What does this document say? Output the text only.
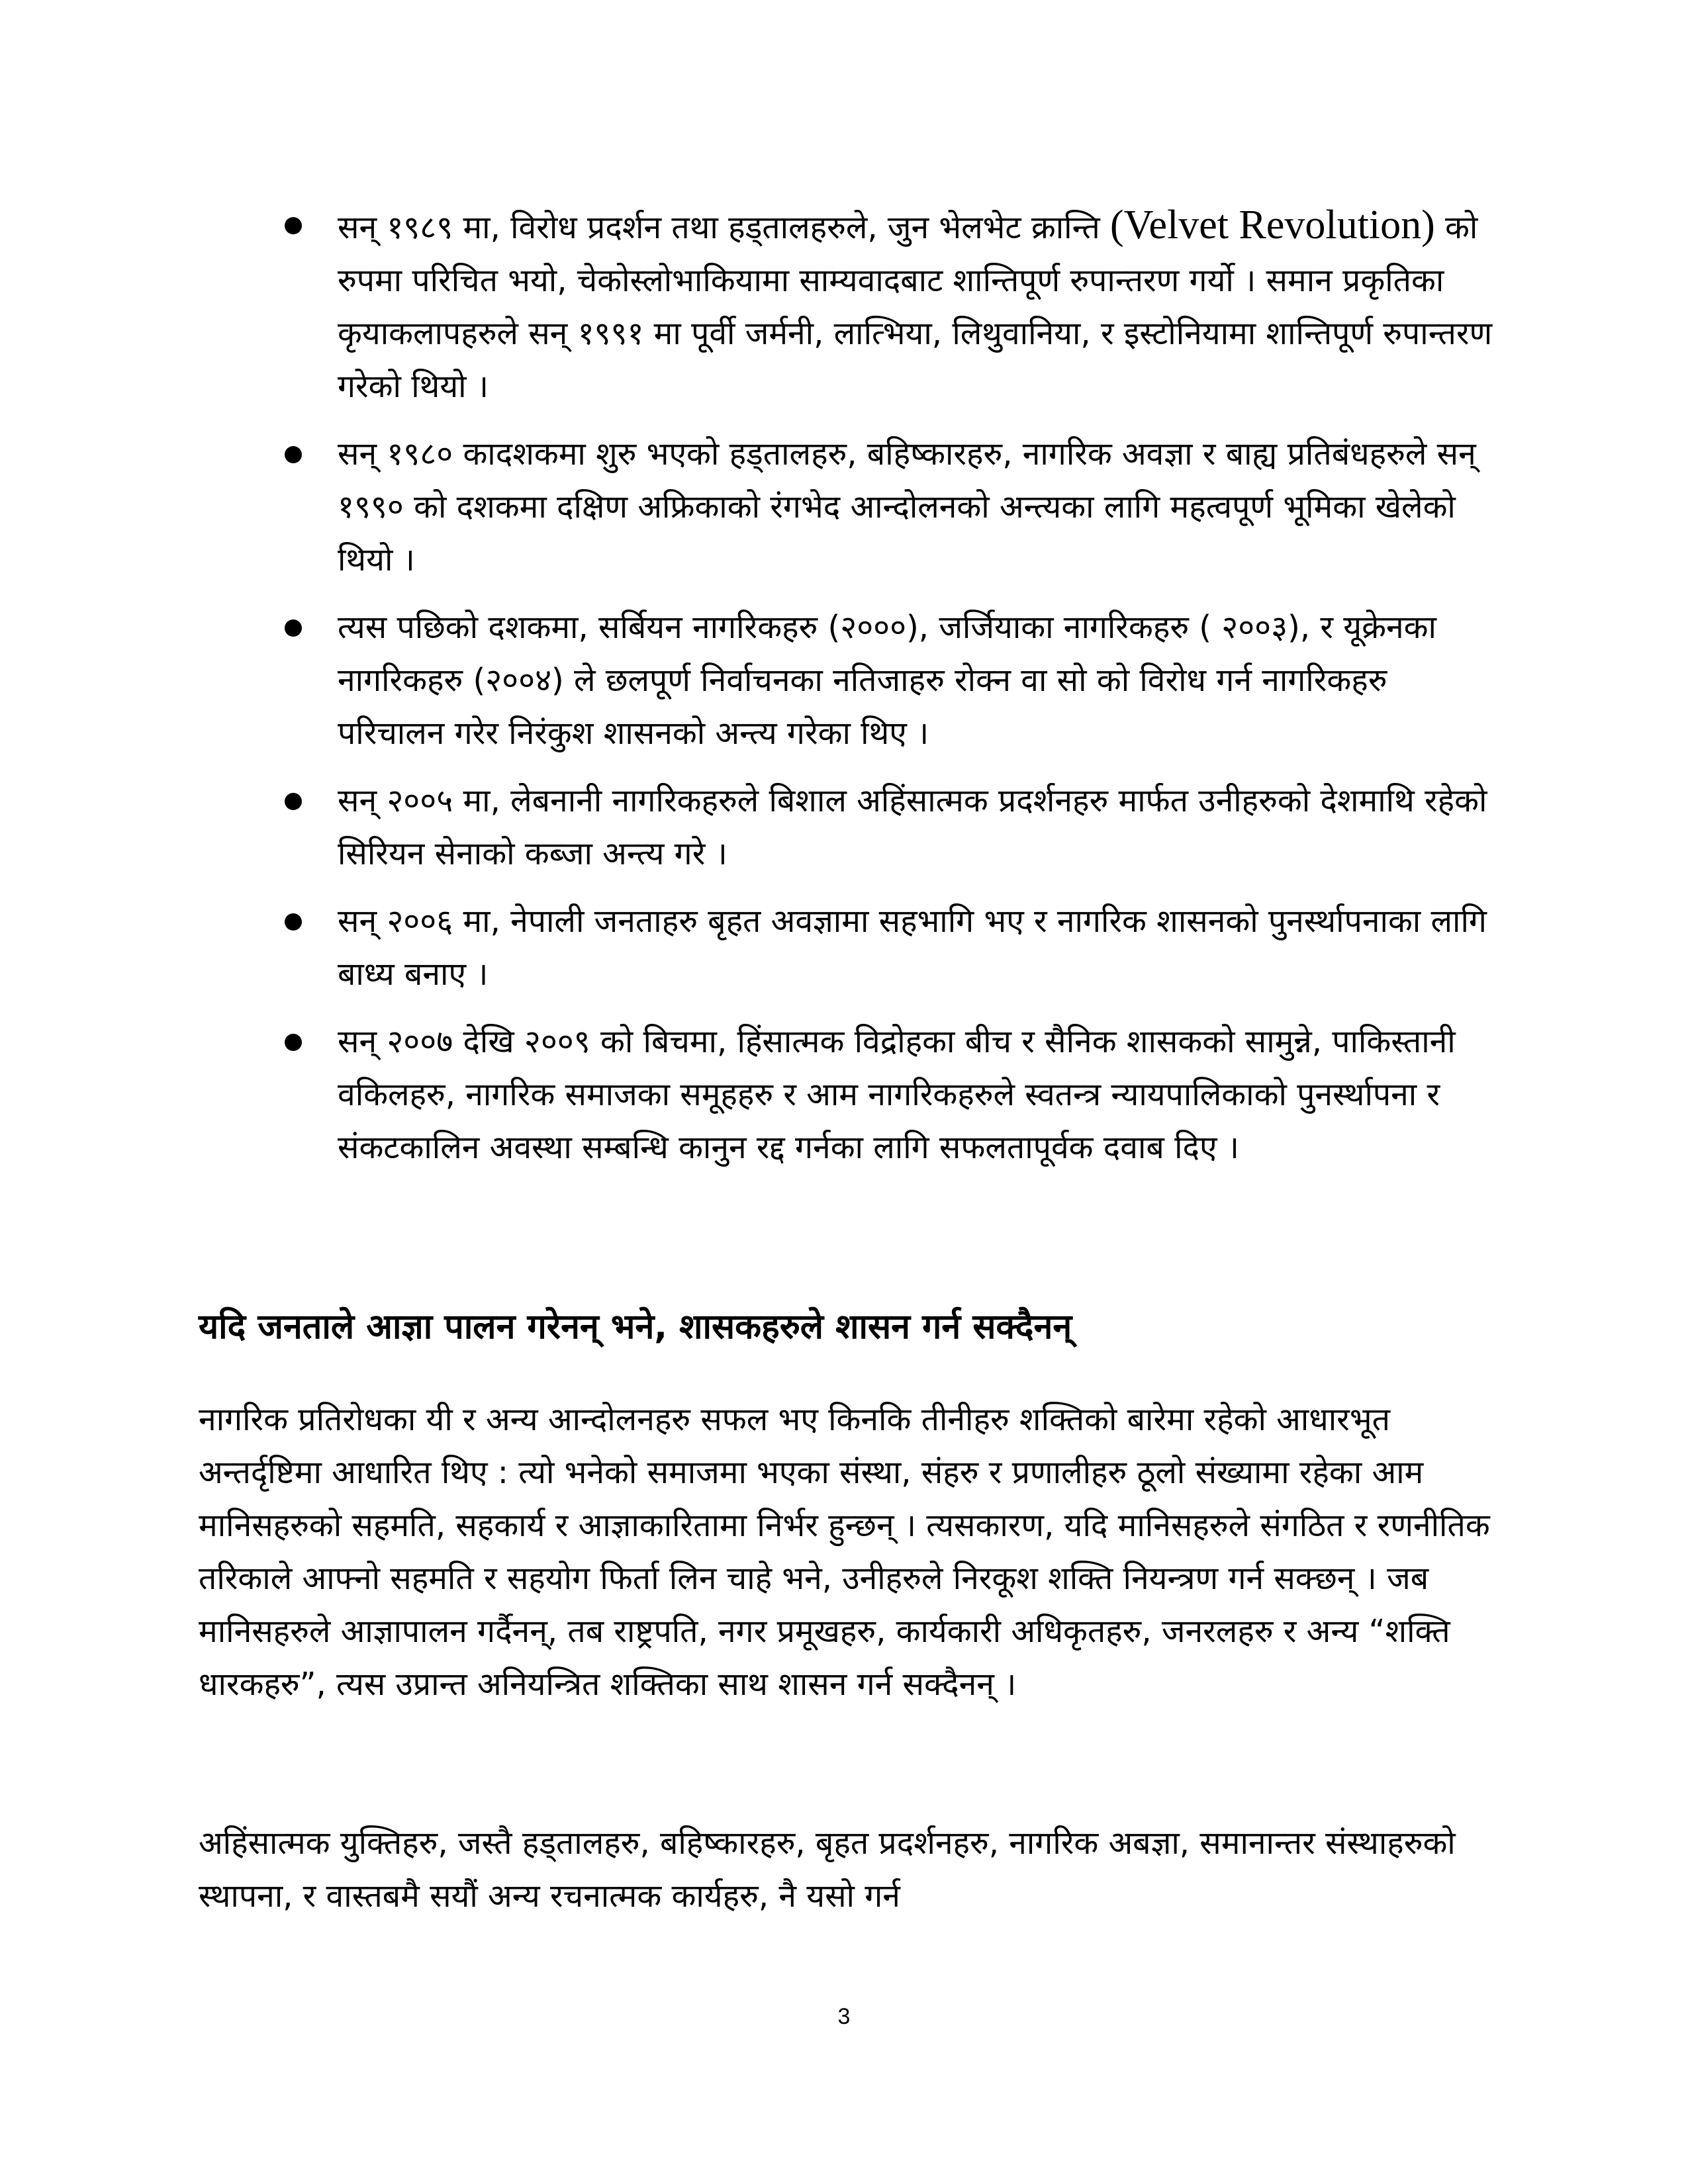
सन् १९८९ मा, विरोध प्रदर्शन तथा हड्तालहरुले, जुन भेलभेट क्रान्ति (Velvet Revolution) को रुपमा परिचित भयो, चेकोस्लोभाकियामा साम्यवादबाट शान्तिपूर्ण रुपान्तरण गर्यो । समान प्रकृतिका कृयाकलापहरुले सन् १९९१ मा पूर्वी जर्मनी, लात्भिया, लिथुवानिया, र इस्टोनियामा शान्तिपूर्ण रुपान्तरण गरेको थियो ।
सन् १९८० कादशकमा शुरु भएको हड्तालहरु, बहिष्कारहरु, नागरिक अवज्ञा र बाह्य प्रतिबंधहरुले सन् १९९० को दशकमा दक्षिण अफ्रिकाको रंगभेद आन्दोलनको अन्त्यका लागि महत्वपूर्ण भूमिका खेलेको थियो ।
त्यस पछिको दशकमा, सर्बियन नागरिकहरु (२०००), जर्जियाका नागरिकहरु ( २००३), र यूक्रेनका नागरिकहरु (२००४) ले छलपूर्ण निर्वाचनका नतिजाहरु रोक्न वा सो को विरोध गर्न नागरिकहरु परिचालन गरेर निरंकुश शासनको अन्त्य गरेका थिए ।
सन् २००५ मा, लेबनानी नागरिकहरुले बिशाल अहिंसात्मक प्रदर्शनहरु मार्फत उनीहरुको देशमाथि रहेको सिरियन सेनाको कब्जा अन्त्य गरे ।
सन् २००६ मा, नेपाली जनताहरु बृहत अवज्ञामा सहभागि भए र नागरिक शासनको पुनर्स्थापनाका लागि बाध्य बनाए ।
सन् २००७ देखि २००९ को बिचमा, हिंसात्मक विद्रोहका बीच र सैनिक शासकको सामुन्ने, पाकिस्तानी वकिलहरु, नागरिक समाजका समूहहरु र आम नागरिकहरुले स्वतन्त्र न्यायपालिकाको पुनर्स्थापना र संकटकालिन अवस्था सम्बन्धि कानुन रद्द गर्नका लागि सफलतापूर्वक दवाब दिए ।
यदि जनताले आज्ञा पालन गरेनन् भने, शासकहरुले शासन गर्न सक्दैनन्

नागरिक प्रतिरोधका यी र अन्य आन्दोलनहरु सफल भए किनकि तीनीहरु शक्तिको बारेमा रहेको आधारभूत अन्तर्दृष्टिमा आधारित थिए : त्यो भनेको समाजमा भएका संस्था, संहरु र प्रणालीहरु ठूलो संख्यामा रहेका आम मानिसहरुको सहमति, सहकार्य र आज्ञाकारितामा निर्भर हुन्छन् । त्यसकारण, यदि मानिसहरुले संगठित र रणनीतिक तरिकाले आफ्नो सहमति र सहयोग फिर्ता लिन चाहे भने, उनीहरुले निरकूश शक्ति नियन्त्रण गर्न सक्छन् । जब मानिसहरुले आज्ञापालन गर्दैनन्, तब राष्ट्रपति, नगर प्रमूखहरु, कार्यकारी अधिकृतहरु, जनरलहरु र अन्य “शक्ति धारकहरु”, त्यस उप्रान्त अनियन्त्रित शक्तिका साथ शासन गर्न सक्दैनन् ।

अहिंसात्मक युक्तिहरु, जस्तै हड्तालहरु, बहिष्कारहरु, बृहत प्रदर्शनहरु, नागरिक अबज्ञा, समानान्तर संस्थाहरुको स्थापना, र वास्तबमै सयौं अन्य रचनात्मक कार्यहरु, नै यसो गर्न

3
